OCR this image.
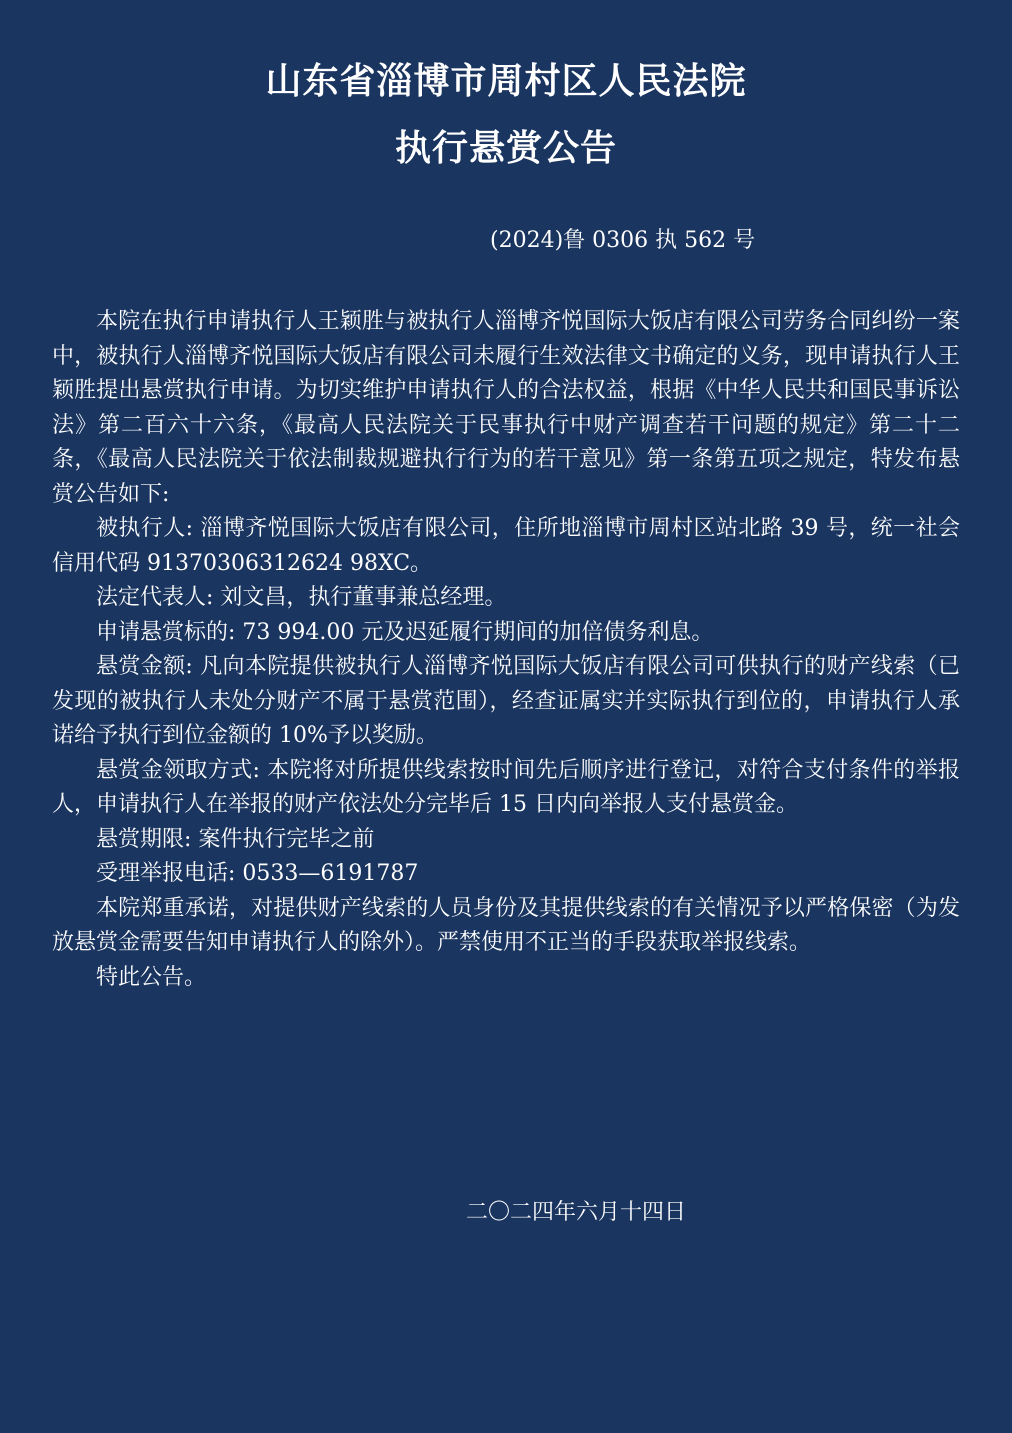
山东省淄博市周村区人民法院
执行悬赏公告
(2024)鲁 0306 执 562 号

本院在执行申请执行人王颖胜与被执行人淄博齐悦国际大饭店有限公司劳务合同纠纷一案中，被执行人淄博齐悦国际大饭店有限公司未履行生效法律文书确定的义务，现申请执行人王颖胜提出悬赏执行申请。为切实维护申请执行人的合法权益，根据《中华人民共和国民事诉讼法》第二百六十六条，《最高人民法院关于民事执行中财产调查若干问题的规定》第二十二条，《最高人民法院关于依法制裁规避执行行为的若干意见》第一条第五项之规定，特发布悬赏公告如下:

被执行人: 淄博齐悦国际大饭店有限公司，住所地淄博市周村区站北路 39 号，统一社会信用代码 91370306312624 98XC。

法定代表人: 刘文昌，执行董事兼总经理。

申请悬赏标的: 73 994.00 元及迟延履行期间的加倍债务利息。

悬赏金额: 凡向本院提供被执行人淄博齐悦国际大饭店有限公司可供执行的财产线索（已发现的被执行人未处分财产不属于悬赏范围），经查证属实并实际执行到位的，申请执行人承诺给予执行到位金额的 10%予以奖励。

悬赏金领取方式: 本院将对所提供线索按时间先后顺序进行登记，对符合支付条件的举报人，申请执行人在举报的财产依法处分完毕后 15 日内向举报人支付悬赏金。

悬赏期限: 案件执行完毕之前

受理举报电话: 0533—6191787

本院郑重承诺，对提供财产线索的人员身份及其提供线索的有关情况予以严格保密（为发放悬赏金需要告知申请执行人的除外）。严禁使用不正当的手段获取举报线索。

特此公告。

二〇二四年六月十四日
